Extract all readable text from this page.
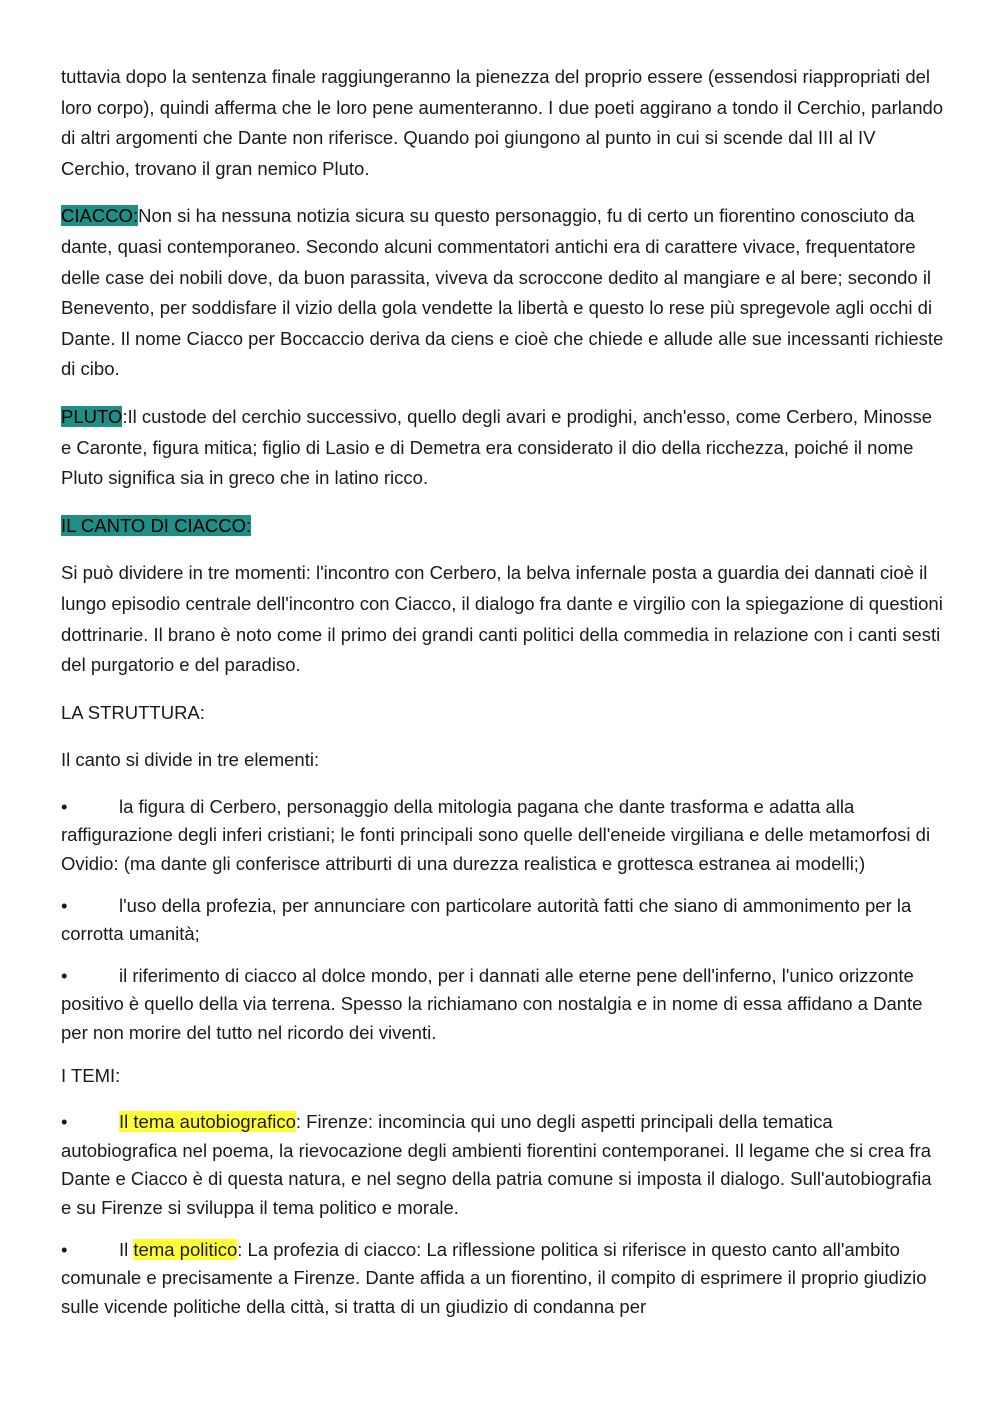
tuttavia dopo la sentenza finale raggiungeranno la pienezza del proprio essere (essendosi riappropriati del loro corpo), quindi afferma che le loro pene aumenteranno. I due poeti aggirano a tondo il Cerchio, parlando di altri argomenti che Dante non riferisce. Quando poi giungono al punto in cui si scende dal III al IV Cerchio, trovano il gran nemico Pluto.

CIACCO:Non si ha nessuna notizia sicura su questo personaggio, fu di certo un fiorentino conosciuto da dante, quasi contemporaneo. Secondo alcuni commentatori antichi era di carattere vivace, frequentatore delle case dei nobili dove, da buon parassita, viveva da scroccone dedito al mangiare e al bere; secondo il Benevento, per soddisfare il vizio della gola vendette la libertà e questo lo rese più spregevole agli occhi di Dante. Il nome Ciacco per Boccaccio deriva da ciens e cioè che chiede e allude alle sue incessanti richieste di cibo.

PLUTO:Il custode del cerchio successivo, quello degli avari e prodighi, anch'esso, come Cerbero, Minosse e Caronte, figura mitica; figlio di Lasio e di Demetra era considerato il dio della ricchezza, poiché il nome Pluto significa sia in greco che in latino ricco.

IL CANTO DI CIACCO:

Si può dividere in tre momenti: l'incontro con Cerbero, la belva infernale posta a guardia dei dannati cioè il lungo episodio centrale dell'incontro con Ciacco, il dialogo fra dante e virgilio con la spiegazione di questioni dottrinarie. Il brano è noto come il primo dei grandi canti politici della commedia in relazione con i canti sesti del purgatorio e del paradiso.

LA STRUTTURA:

Il canto si divide in tre elementi:

•	la figura di Cerbero, personaggio della mitologia pagana che dante trasforma e adatta alla raffigurazione degli inferi cristiani; le fonti principali sono quelle dell'eneide virgiliana e delle metamorfosi di Ovidio: (ma dante gli conferisce attriburti di una durezza realistica e grottesca estranea ai modelli;)

•	l'uso della profezia, per annunciare con particolare autorità fatti che siano di ammonimento per la corrotta umanità;

•	il riferimento di ciacco al dolce mondo, per i dannati alle eterne pene dell'inferno, l'unico orizzonte positivo è quello della via terrena. Spesso la richiamano con nostalgia e in nome di essa affidano a Dante per non morire del tutto nel ricordo dei viventi.

I TEMI:

•	Il tema autobiografico: Firenze: incomincia qui uno degli aspetti principali della tematica autobiografica nel poema, la rievocazione degli ambienti fiorentini contemporanei. Il legame che si crea fra Dante e Ciacco è di questa natura, e nel segno della patria comune si imposta il dialogo. Sull'autobiografia e su Firenze si sviluppa il tema politico e morale.

•	Il tema politico: La profezia di ciacco: La riflessione politica si riferisce in questo canto all'ambito comunale e precisamente a Firenze. Dante affida a un fiorentino, il compito di esprimere il proprio giudizio sulle vicende politiche della città, si tratta di un giudizio di condanna per
